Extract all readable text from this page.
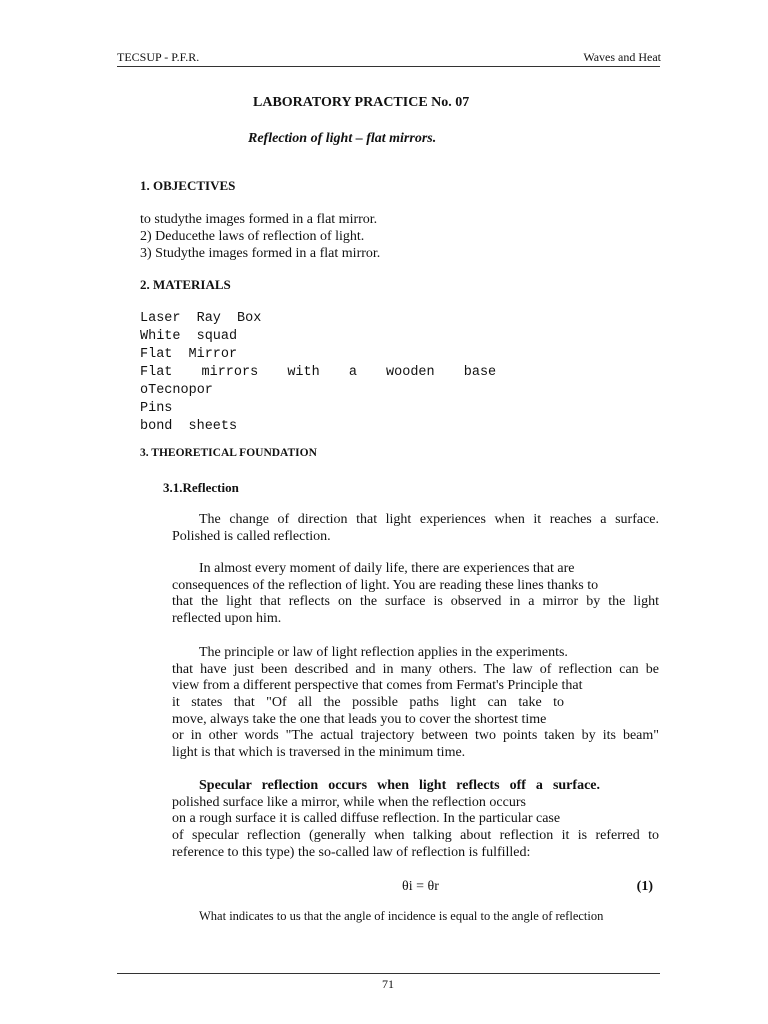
TECSUP - P.F.R.	Waves and Heat
LABORATORY PRACTICE No. 07
Reflection of light – flat mirrors.
1. OBJECTIVES
to studythe images formed in a flat mirror.
2) Deducethe laws of reflection of light.
3) Studythe images formed in a flat mirror.
2. MATERIALS
Laser Ray Box
White squad
Flat Mirror
Flat mirrors with a wooden base
oTecnopor
Pins
bond sheets
3. THEORETICAL FOUNDATION
3.1.Reflection
The change of direction that light experiences when it reaches a surface.
Polished is called reflection.
In almost every moment of daily life, there are experiences that are
consequences of the reflection of light. You are reading these lines thanks to
that the light that reflects on the surface is observed in a mirror by the light
reflected upon him.
The principle or law of light reflection applies in the experiments.
that have just been described and in many others. The law of reflection can be
view from a different perspective that comes from Fermat's Principle that
it states that "Of all the possible paths light can take to
move, always take the one that leads you to cover the shortest time
or in other words "The actual trajectory between two points taken by its beam"
light is that which is traversed in the minimum time.
Specular reflection occurs when light reflects off a surface.
polished surface like a mirror, while when the reflection occurs
on a rough surface it is called diffuse reflection. In the particular case
of specular reflection (generally when talking about reflection it is referred to
reference to this type) the so-called law of reflection is fulfilled:
θi = θr	(1)
What indicates to us that the angle of incidence is equal to the angle of reflection
71
